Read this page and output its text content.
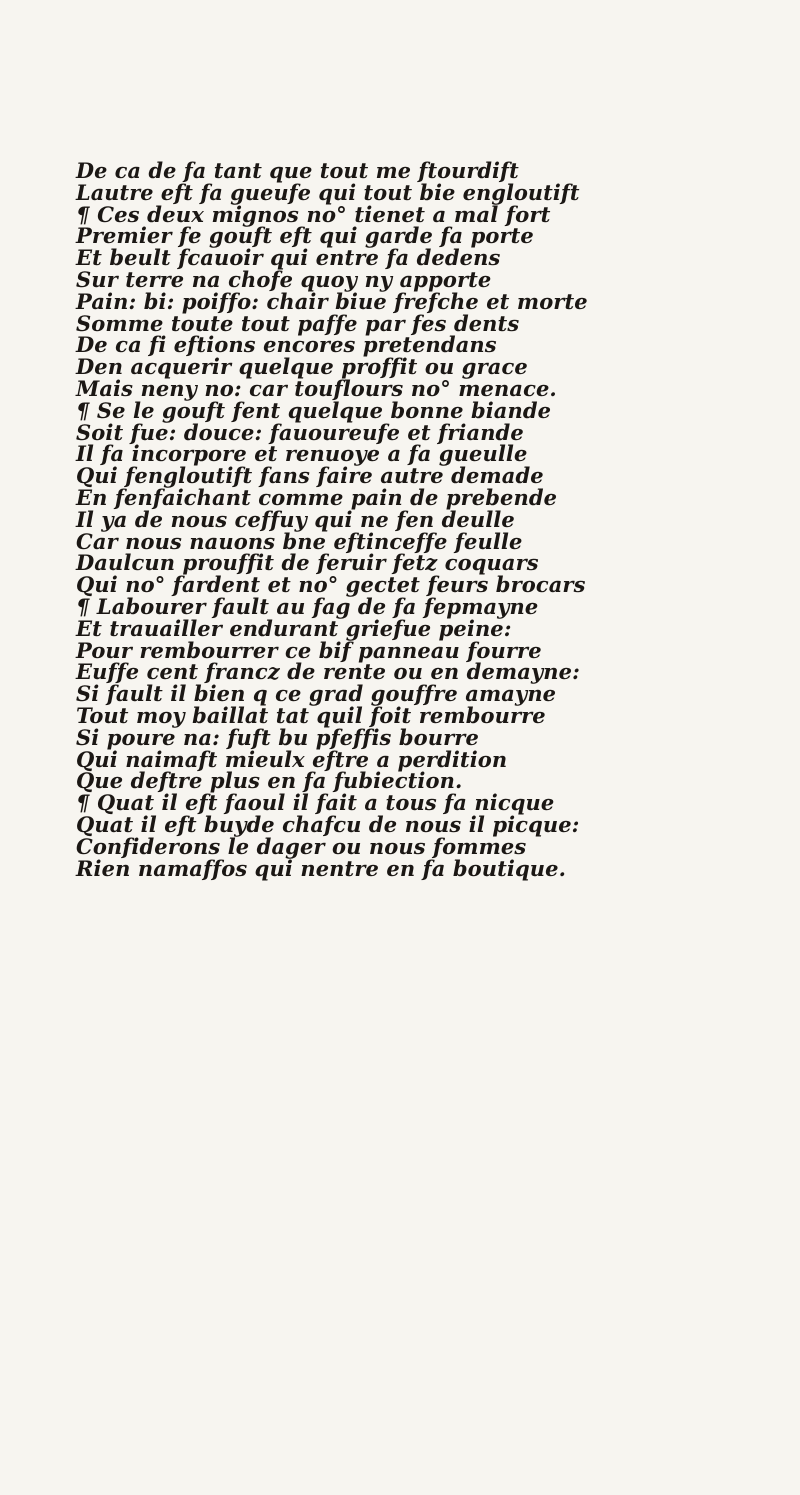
De ca de fa tant que tout me ftourdift
Lautre eft fa gueufe qui tout bie engloutift
¶ Ces deux mignos no° tienet a mal fort
Premier fe gouft eft qui garde fa porte
Et beult fcauoir qui entre fa dedens
Sur terre na chofe quoy ny apporte
Pain: bi: poiffo: chair biue frefche et morte
Somme toute tout paffe par fes dents
De ca fi eftions encores pretendans
Den acquerir quelque proffit ou grace
Mais neny no: car touflours no° menace.
¶ Se le gouft fent quelque bonne biande
Soit fue: douce: fauoureufe et friande
Il fa incorpore et renuoye a fa gueulle
Qui fengloutift fans faire autre demade
En fenfaichant comme pain de prebende
Il ya de nous ceffuy qui ne fen deulle
Car nous nauons bne eftinceffe feulle
Daulcun prouffit de feruir fetz coquars
Qui no° fardent et no° gectet feurs brocars
¶ Labourer fault au fag de fa fepmayne
Et trauailler endurant griefue peine:
Pour rembourrer ce bif panneau fourre
Euffe cent francz de rente ou en demayne:
Si fault il bien q ce grad gouffre amayne
Tout moy baillat tat quil foit rembourre
Si poure na: fuft bu pfeffis bourre
Qui naimaft mieulx eftre a perdition
Que deftre plus en fa fubiection.
¶ Quat il eft faoul il fait a tous fa nicque
Quat il eft buyde chafcu de nous il picque:
Confiderons le dager ou nous fommes
Rien namaffos qui nentre en fa boutique.
